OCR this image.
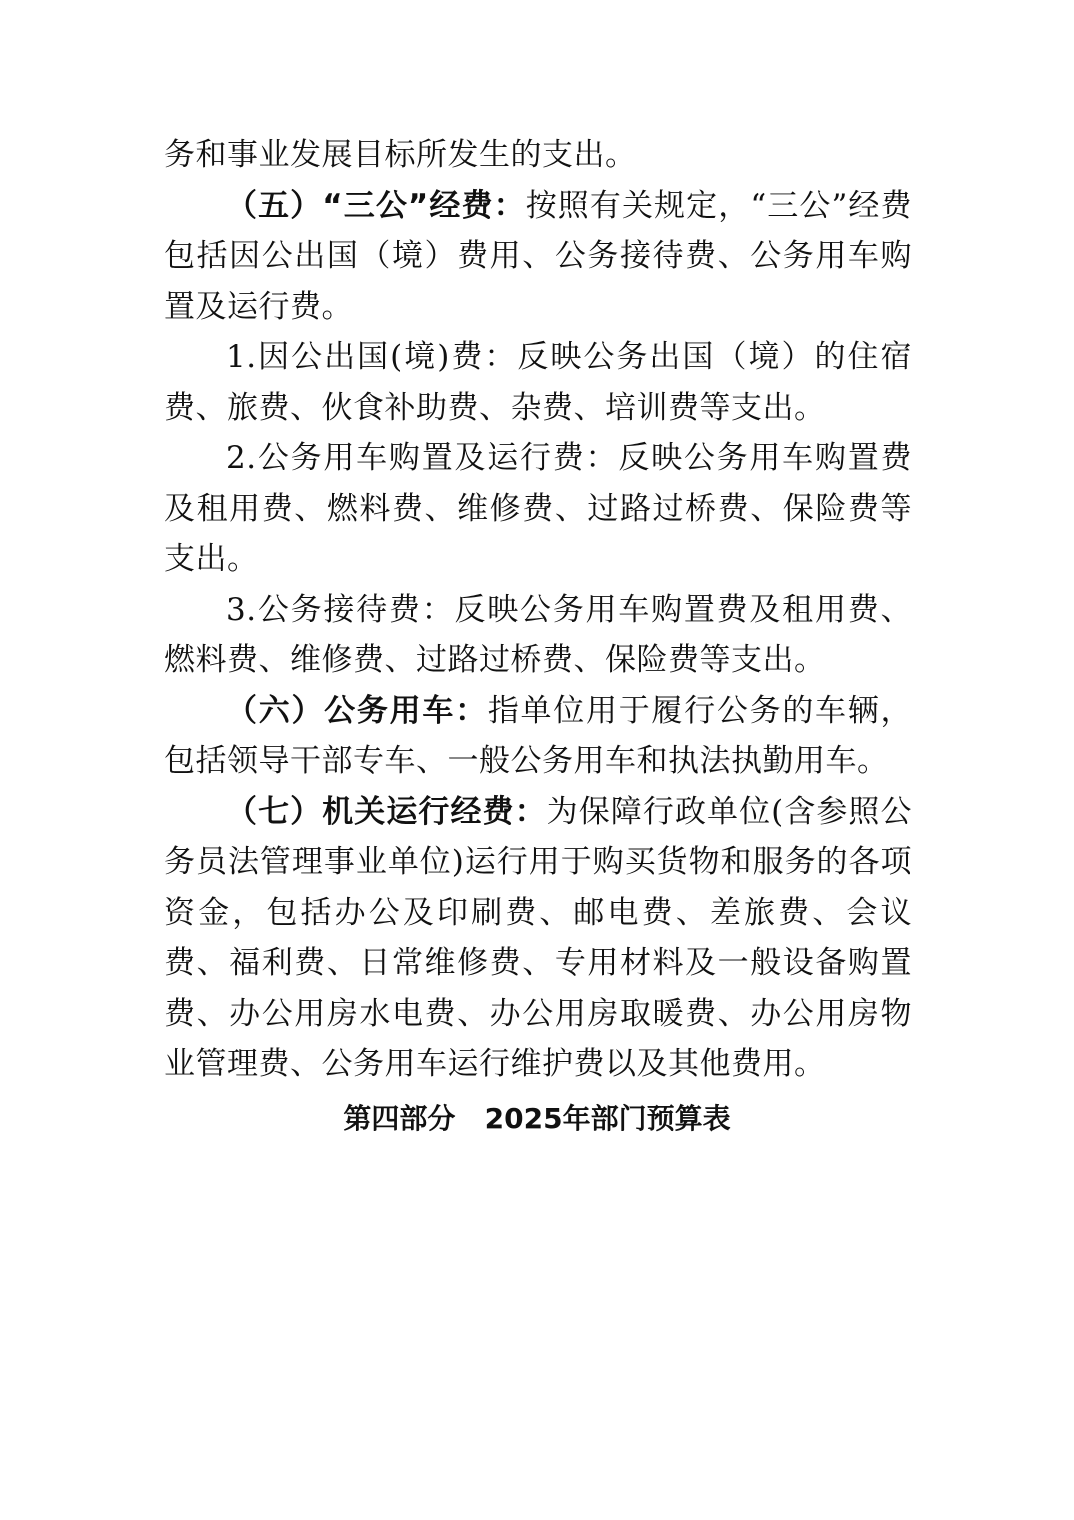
务和事业发展目标所发生的支出。

（五）“三公”经费：按照有关规定，“三公”经费包括因公出国（境）费用、公务接待费、公务用车购置及运行费。

1.因公出国(境)费：反映公务出国（境）的住宿费、旅费、伙食补助费、杂费、培训费等支出。

2.公务用车购置及运行费：反映公务用车购置费及租用费、燃料费、维修费、过路过桥费、保险费等支出。

3.公务接待费：反映公务用车购置费及租用费、燃料费、维修费、过路过桥费、保险费等支出。

（六）公务用车：指单位用于履行公务的车辆，包括领导干部专车、一般公务用车和执法执勤用车。

（七）机关运行经费：为保障行政单位(含参照公务员法管理事业单位)运行用于购买货物和服务的各项资金，包括办公及印刷费、邮电费、差旅费、会议费、福利费、日常维修费、专用材料及一般设备购置费、办公用房水电费、办公用房取暖费、办公用房物业管理费、公务用车运行维护费以及其他费用。

第四部分   2025年部门预算表
